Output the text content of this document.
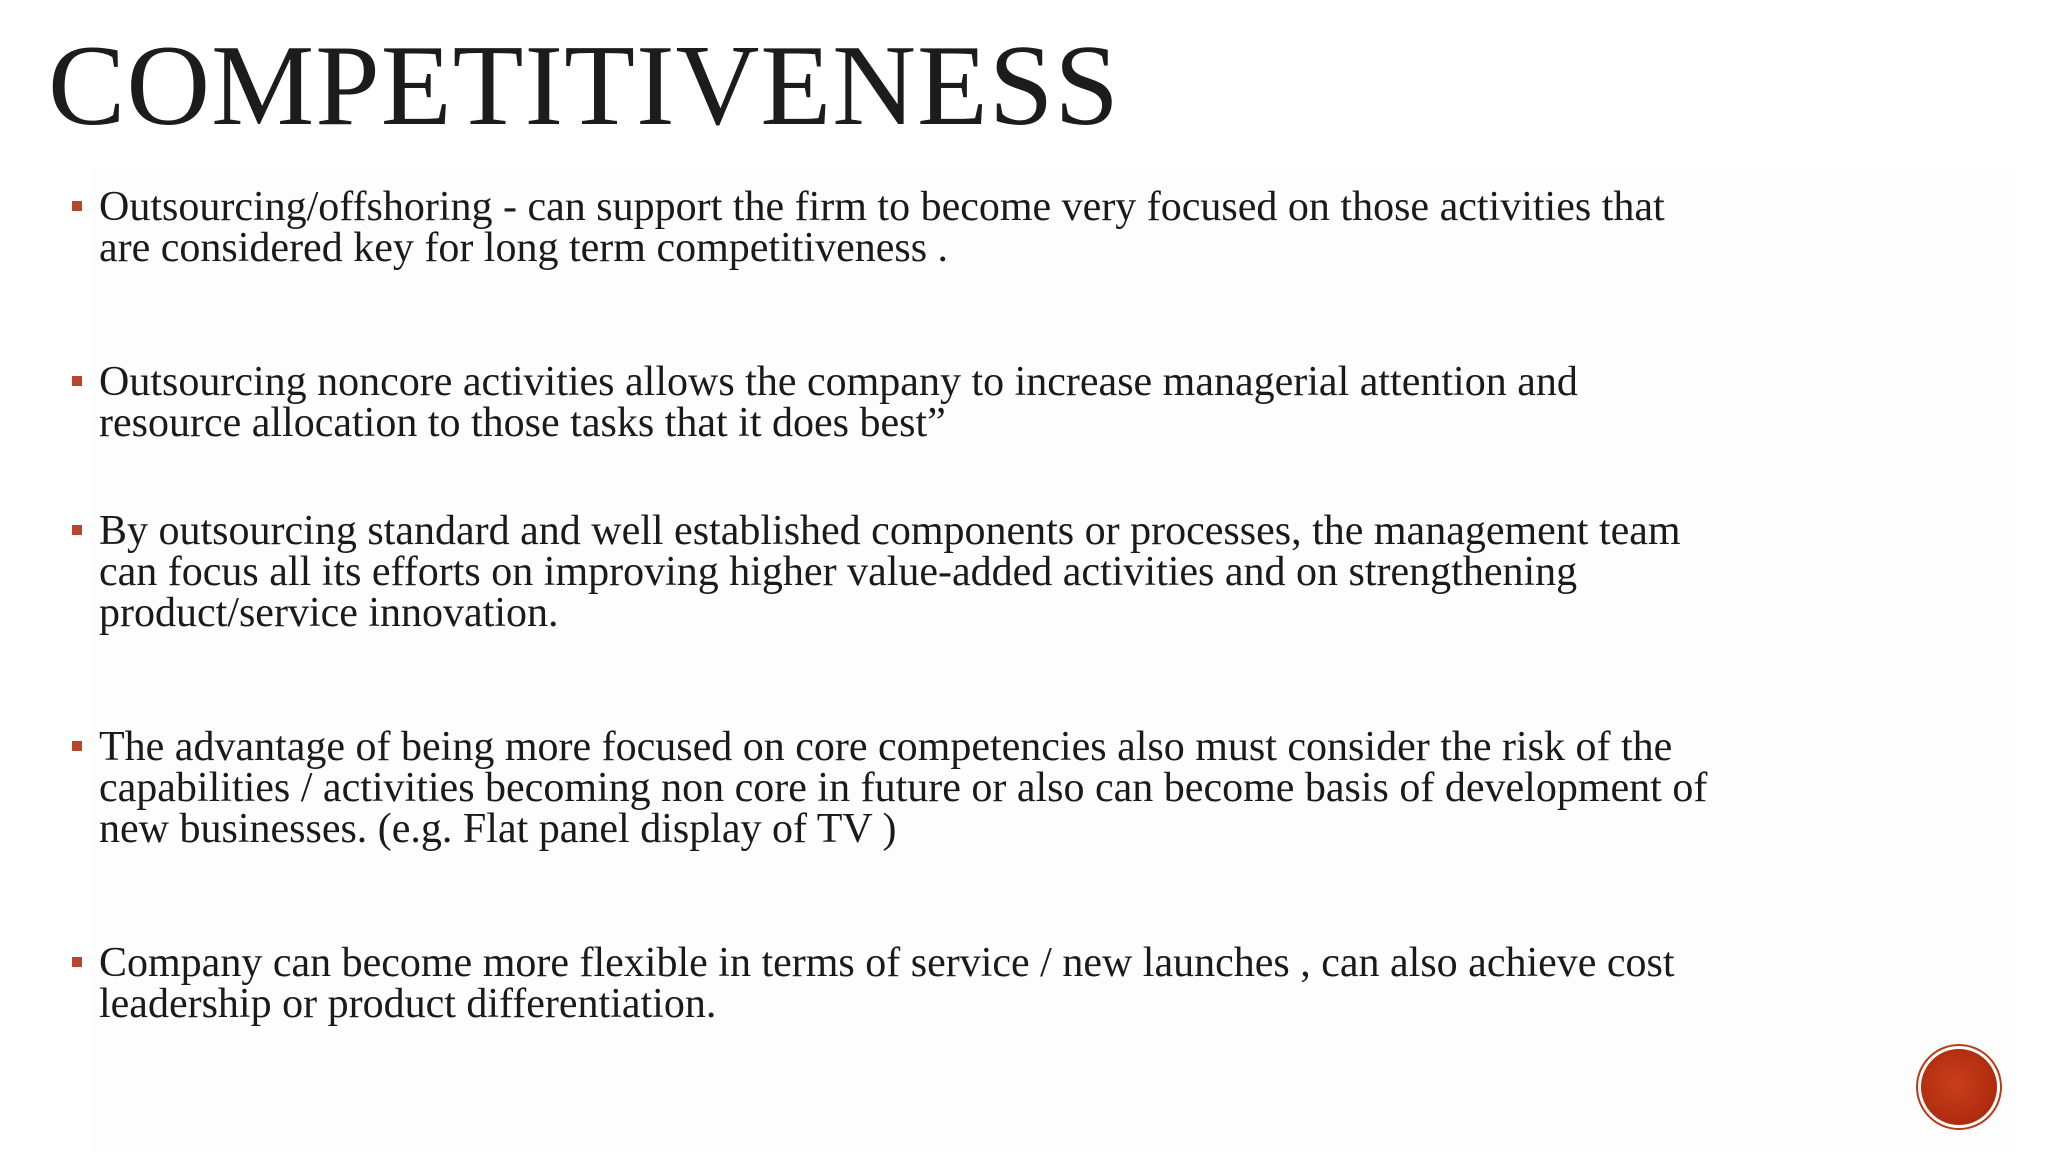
COMPETITIVENESS

Outsourcing/offshoring - can support the firm to become very focused on those activities that
are considered key for long term competitiveness .

Outsourcing noncore activities allows the company to increase managerial attention and
resource allocation to those tasks that it does best”

By outsourcing standard and well established components or processes, the management team
can focus all its efforts on improving higher value-added activities and on strengthening
product/service innovation.

The advantage of being more focused on core competencies also must consider the risk of the
capabilities / activities becoming non core in future or also can become basis of development of
new businesses. (e.g. Flat panel display of TV )

Company can become more flexible in terms of service / new launches , can also achieve cost
leadership or product differentiation.
